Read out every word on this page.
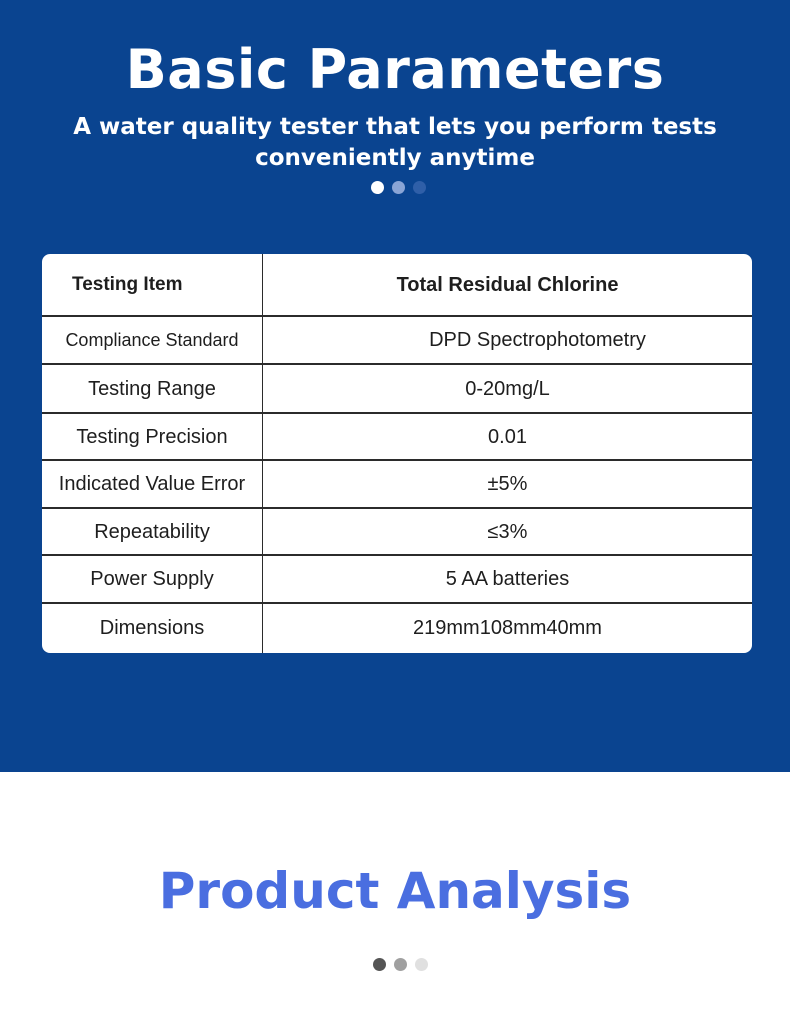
Basic Parameters

A water quality tester that lets you perform tests conveniently anytime

Testing Item	Total Residual Chlorine
Compliance Standard	DPD Spectrophotometry
Testing Range	0-20mg/L
Testing Precision	0.01
Indicated Value Error	±5%
Repeatability	≤3%
Power Supply	5 AA batteries
Dimensions	219mm108mm40mm
Product Analysis
